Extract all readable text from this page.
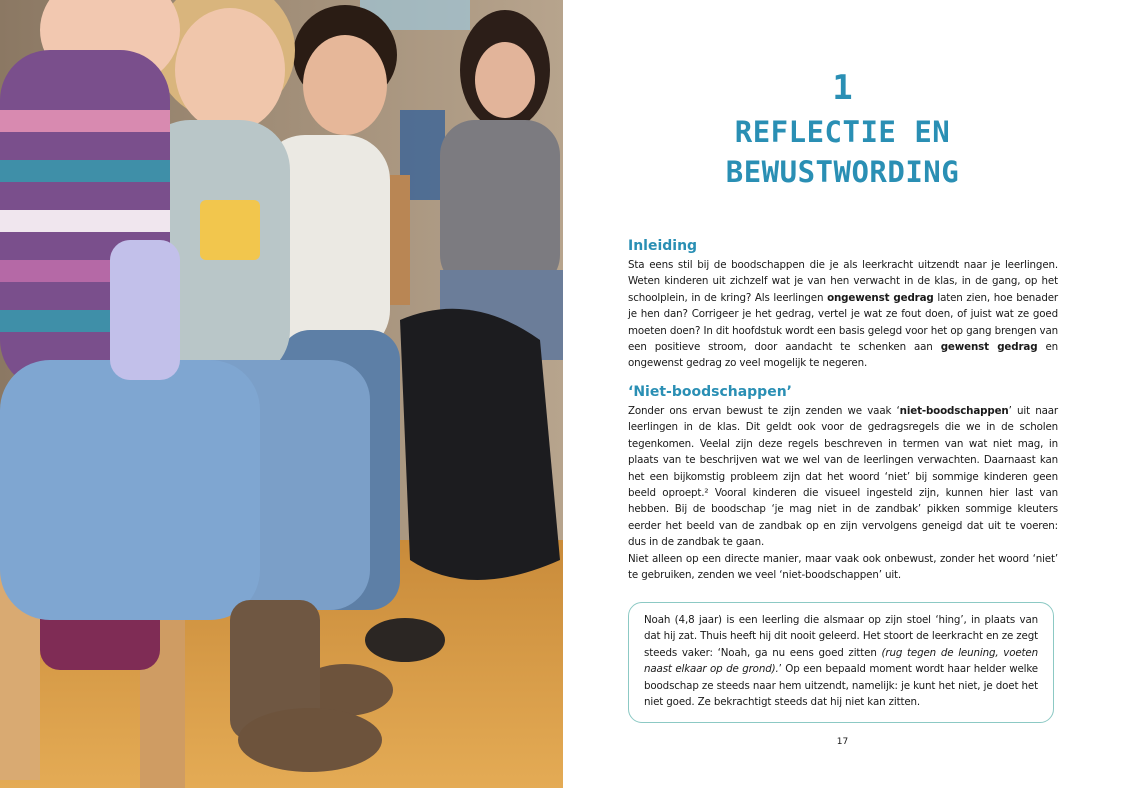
1
REFLECTIE EN
BEWUSTWORDING
Inleiding

Sta eens stil bij de boodschappen die je als leerkracht uitzendt naar je leerlingen. Weten kinderen uit zichzelf wat je van hen verwacht in de klas, in de gang, op het schoolplein, in de kring? Als leerlingen ongewenst gedrag laten zien, hoe benader je hen dan? Corrigeer je het gedrag, vertel je wat ze fout doen, of juist wat ze goed moeten doen? In dit hoofdstuk wordt een basis gelegd voor het op gang brengen van een positieve stroom, door aandacht te schenken aan gewenst gedrag en ongewenst gedrag zo veel mogelijk te negeren.

‘Niet-boodschappen’

Zonder ons ervan bewust te zijn zenden we vaak ‘niet-boodschappen’ uit naar leerlingen in de klas. Dit geldt ook voor de gedragsregels die we in de scholen tegenkomen. Veelal zijn deze regels beschreven in termen van wat niet mag, in plaats van te beschrijven wat we wel van de leerlingen verwachten. Daarnaast kan het een bijkomstig probleem zijn dat het woord ‘niet’ bij sommige kinderen geen beeld oproept.² Vooral kinderen die visueel ingesteld zijn, kunnen hier last van hebben. Bij de boodschap ‘je mag niet in de zandbak’ pikken sommige kleuters eerder het beeld van de zandbak op en zijn vervolgens geneigd dat uit te voeren: dus in de zandbak te gaan.

Niet alleen op een directe manier, maar vaak ook onbewust, zonder het woord ‘niet’ te gebruiken, zenden we veel ‘niet-boodschappen’ uit.

Noah (4,8 jaar) is een leerling die alsmaar op zijn stoel ‘hing’, in plaats van dat hij zat. Thuis heeft hij dit nooit geleerd. Het stoort de leerkracht en ze zegt steeds vaker: ‘Noah, ga nu eens goed zitten (rug tegen de leuning, voeten naast elkaar op de grond).’ Op een bepaald moment wordt haar helder welke boodschap ze steeds naar hem uitzendt, namelijk: je kunt het niet, je doet het niet goed. Ze bekrachtigt steeds dat hij niet kan zitten.

17
